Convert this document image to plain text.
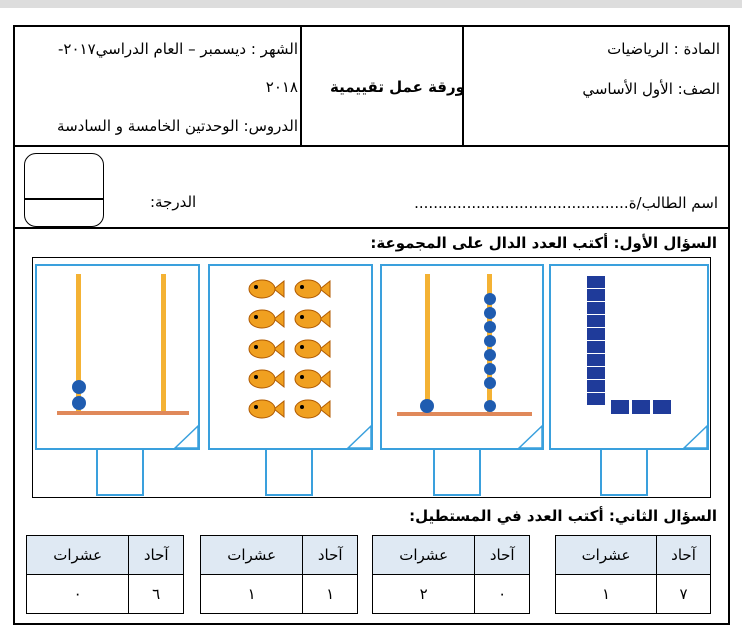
المادة : الرياضيات
الصف: الأول الأساسي
ورقة عمل تقييمية
الشهر : ديسمبر – العام الدراسي٢٠١٧-
٢٠١٨
الدروس: الوحدتين الخامسة و السادسة
اسم الطالب/ة.............................................
الدرجة:
السؤال الأول: أكتب العدد الدال على المجموعة:
السؤال الثاني: أكتب العدد في المستطيل:
عشرات	آحاد
١	٧
عشرات	آحاد
٢	٠
عشرات	آحاد
١	١
عشرات	آحاد
٠	٦
